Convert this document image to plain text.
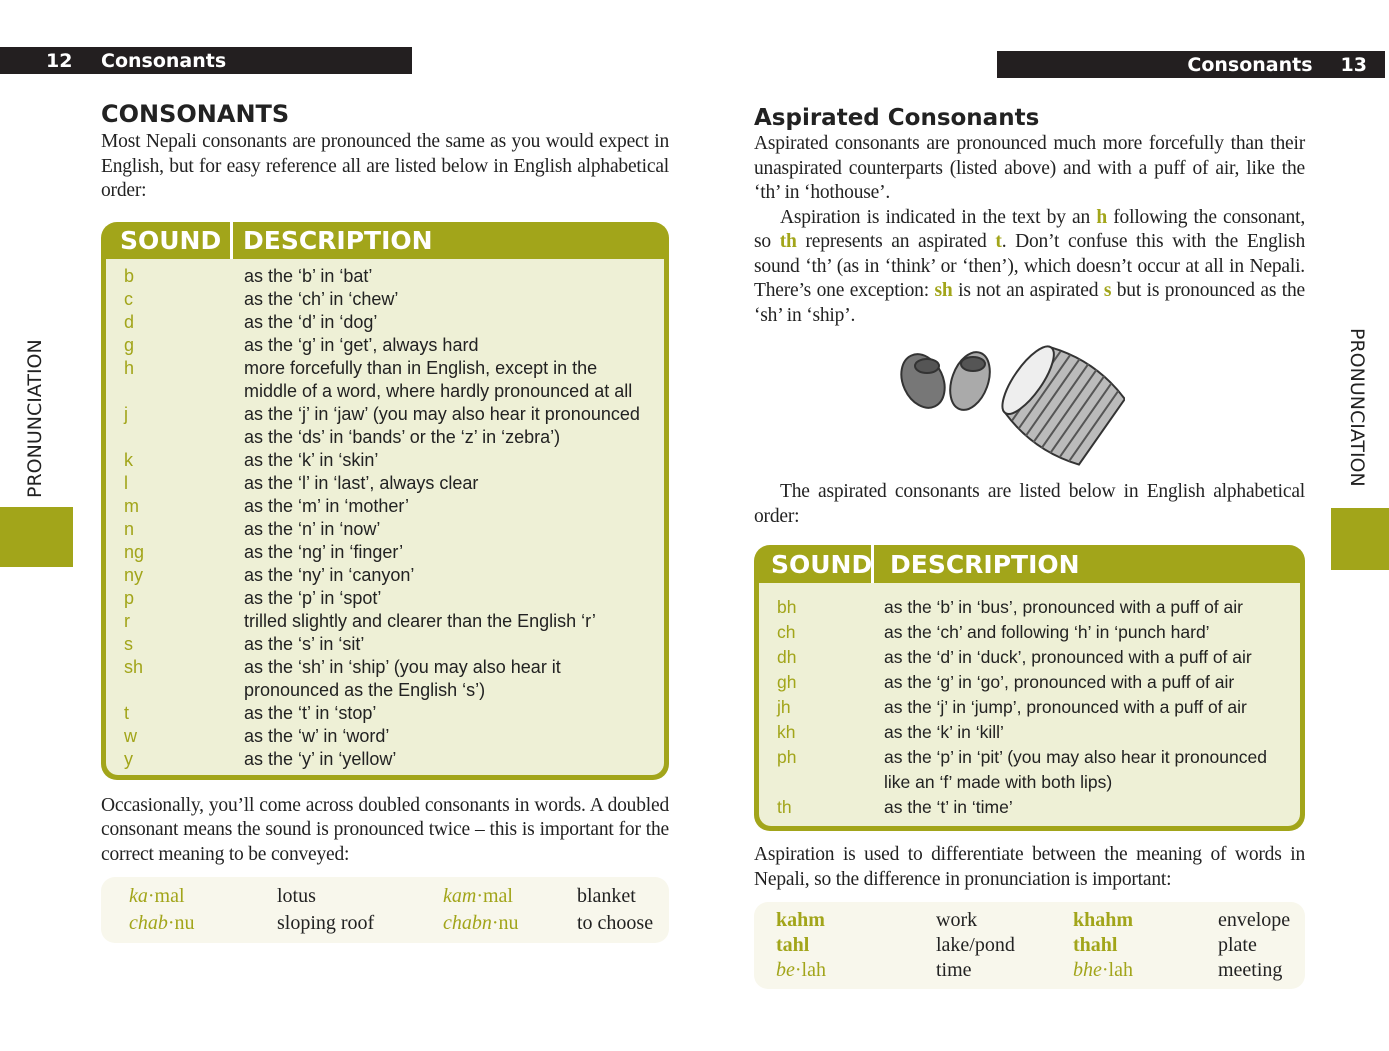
12	Consonants
PRONUNCIATION
CONSONANTS
Most Nepali consonants are pronounced the same as you would expect in English, but for easy reference all are listed below in English alphabetical order:
SOUND DESCRIPTION
b	as the ‘b’ in ‘bat’
c	as the ‘ch’ in ‘chew’
d	as the ‘d’ in ‘dog’
g	as the ‘g’ in ‘get’, always hard
h	more forcefully than in English, except in the middle of a word, where hardly pronounced at all
j	as the ‘j’ in ‘jaw’ (you may also hear it pronounced as the ‘ds’ in ‘bands’ or the ‘z’ in ‘zebra’)
k	as the ‘k’ in ‘skin’
l	as the ‘l’ in ‘last’, always clear
m	as the ‘m’ in ‘mother’
n	as the ‘n’ in ‘now’
ng	as the ‘ng’ in ‘finger’
ny	as the ‘ny’ in ‘canyon’
p	as the ‘p’ in ‘spot’
r	trilled slightly and clearer than the English ‘r’
s	as the ‘s’ in ‘sit’
sh	as the ‘sh’ in ‘ship’ (you may also hear it pronounced as the English ‘s’)
t	as the ‘t’ in ‘stop’
w	as the ‘w’ in ‘word’
y	as the ‘y’ in ‘yellow’
Occasionally, you’ll come across doubled consonants in words. A doubled consonant means the sound is pronounced twice – this is important for the correct meaning to be conveyed:
ka·mal	lotus	kam·mal	blanket
chab·nu	sloping roof	chabn·nu	to choose
Consonants 13
PRONUNCIATION
Aspirated Consonants

Aspirated consonants are pronounced much more forcefully than their unaspirated counterparts (listed above) and with a puff of air, like the ‘th’ in ‘hothouse’.

Aspiration is indicated in the text by an h following the consonant, so th represents an aspirated t. Don’t confuse this with the English sound ‘th’ (as in ‘think’ or ‘then’), which doesn’t occur at all in Nepali. There’s one exception: sh is not an aspirated s but is pronounced as the ‘sh’ in ‘ship’.

The aspirated consonants are listed below in English alphabetical order:
SOUND DESCRIPTION
bh	as the ‘b’ in ‘bus’, pronounced with a puff of air
ch	as the ‘ch’ and following ‘h’ in ‘punch hard’
dh	as the ‘d’ in ‘duck’, pronounced with a puff of air
gh	as the ‘g’ in ‘go’, pronounced with a puff of air
jh	as the ‘j’ in ‘jump’, pronounced with a puff of air
kh	as the ‘k’ in ‘kill’
ph	as the ‘p’ in ‘pit’ (you may also hear it pronounced like an ‘f’ made with both lips)
th	as the ‘t’ in ‘time’
Aspiration is used to differentiate between the meaning of words in Nepali, so the difference in pronunciation is important:
kahm	work	khahm	envelope
tahl	lake/pond	thahl	plate
be·lah	time	bhe·lah	meeting
